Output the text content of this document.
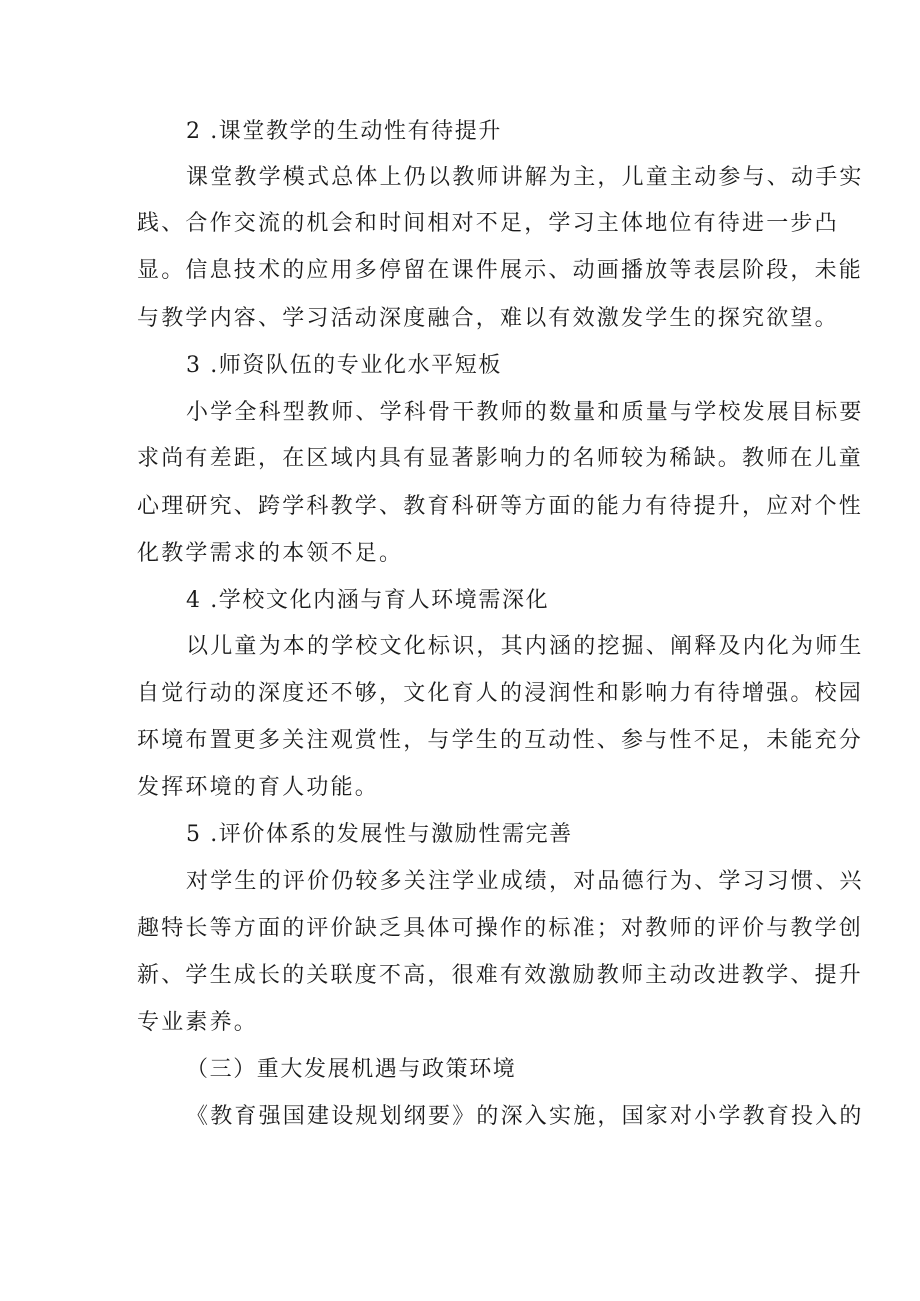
2 .课堂教学的生动性有待提升
课堂教学模式总体上仍以教师讲解为主，儿童主动参与、动手实
践、合作交流的机会和时间相对不足，学习主体地位有待进一步凸
显。信息技术的应用多停留在课件展示、动画播放等表层阶段，未能
与教学内容、学习活动深度融合，难以有效激发学生的探究欲望。
3 .师资队伍的专业化水平短板
小学全科型教师、学科骨干教师的数量和质量与学校发展目标要
求尚有差距，在区域内具有显著影响力的名师较为稀缺。教师在儿童
心理研究、跨学科教学、教育科研等方面的能力有待提升，应对个性
化教学需求的本领不足。
4 .学校文化内涵与育人环境需深化
以儿童为本的学校文化标识，其内涵的挖掘、阐释及内化为师生
自觉行动的深度还不够，文化育人的浸润性和影响力有待增强。校园
环境布置更多关注观赏性，与学生的互动性、参与性不足，未能充分
发挥环境的育人功能。
5 .评价体系的发展性与激励性需完善
对学生的评价仍较多关注学业成绩，对品德行为、学习习惯、兴
趣特长等方面的评价缺乏具体可操作的标准；对教师的评价与教学创
新、学生成长的关联度不高，很难有效激励教师主动改进教学、提升
专业素养。
（三）重大发展机遇与政策环境
《教育强国建设规划纲要》的深入实施，国家对小学教育投入的
